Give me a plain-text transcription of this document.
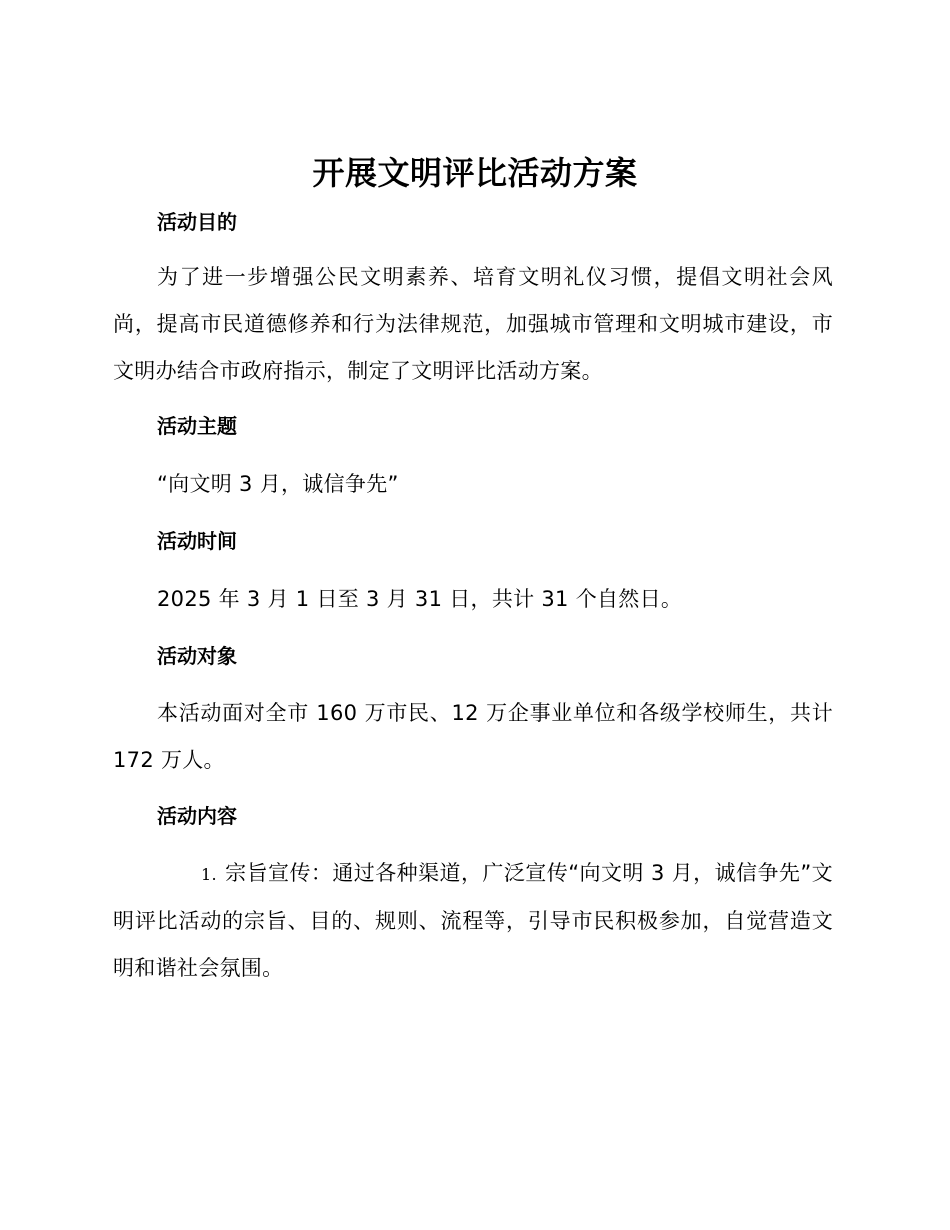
开展文明评比活动方案
活动目的

为了进一步增强公民文明素养、培育文明礼仪习惯，提倡文明社会风尚，提高市民道德修养和行为法律规范，加强城市管理和文明城市建设，市文明办结合市政府指示，制定了文明评比活动方案。

活动主题

“向文明 3 月，诚信争先”

活动时间

2025 年 3 月 1 日至 3 月 31 日，共计 31 个自然日。

活动对象

本活动面对全市 160 万市民、12 万企事业单位和各级学校师生，共计 172 万人。

活动内容

1. 宗旨宣传：通过各种渠道，广泛宣传“向文明 3 月，诚信争先”文明评比活动的宗旨、目的、规则、流程等，引导市民积极参加，自觉营造文明和谐社会氛围。
